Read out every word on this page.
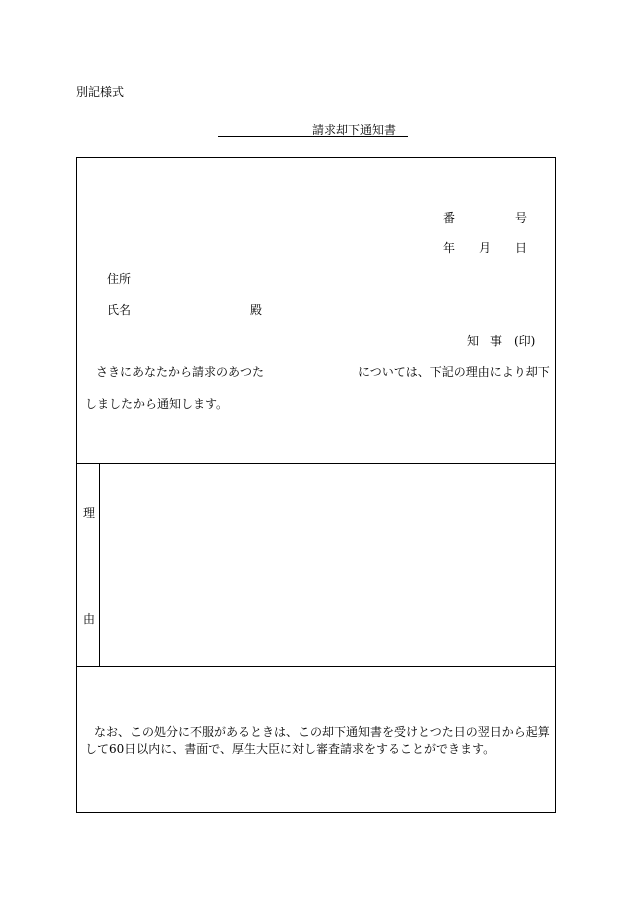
別記様式
請求却下通知書
番	号
年 月 日
住所
氏名	殿
知 事 (印)
さきにあなたから請求のあつた	については、下記の理由により却下
しましたから通知します。
理
由
なお、この処分に不服があるときは、この却下通知書を受けとつた日の翌日から起算
して60日以内に、書面で、厚生大臣に対し審査請求をすることができます。
